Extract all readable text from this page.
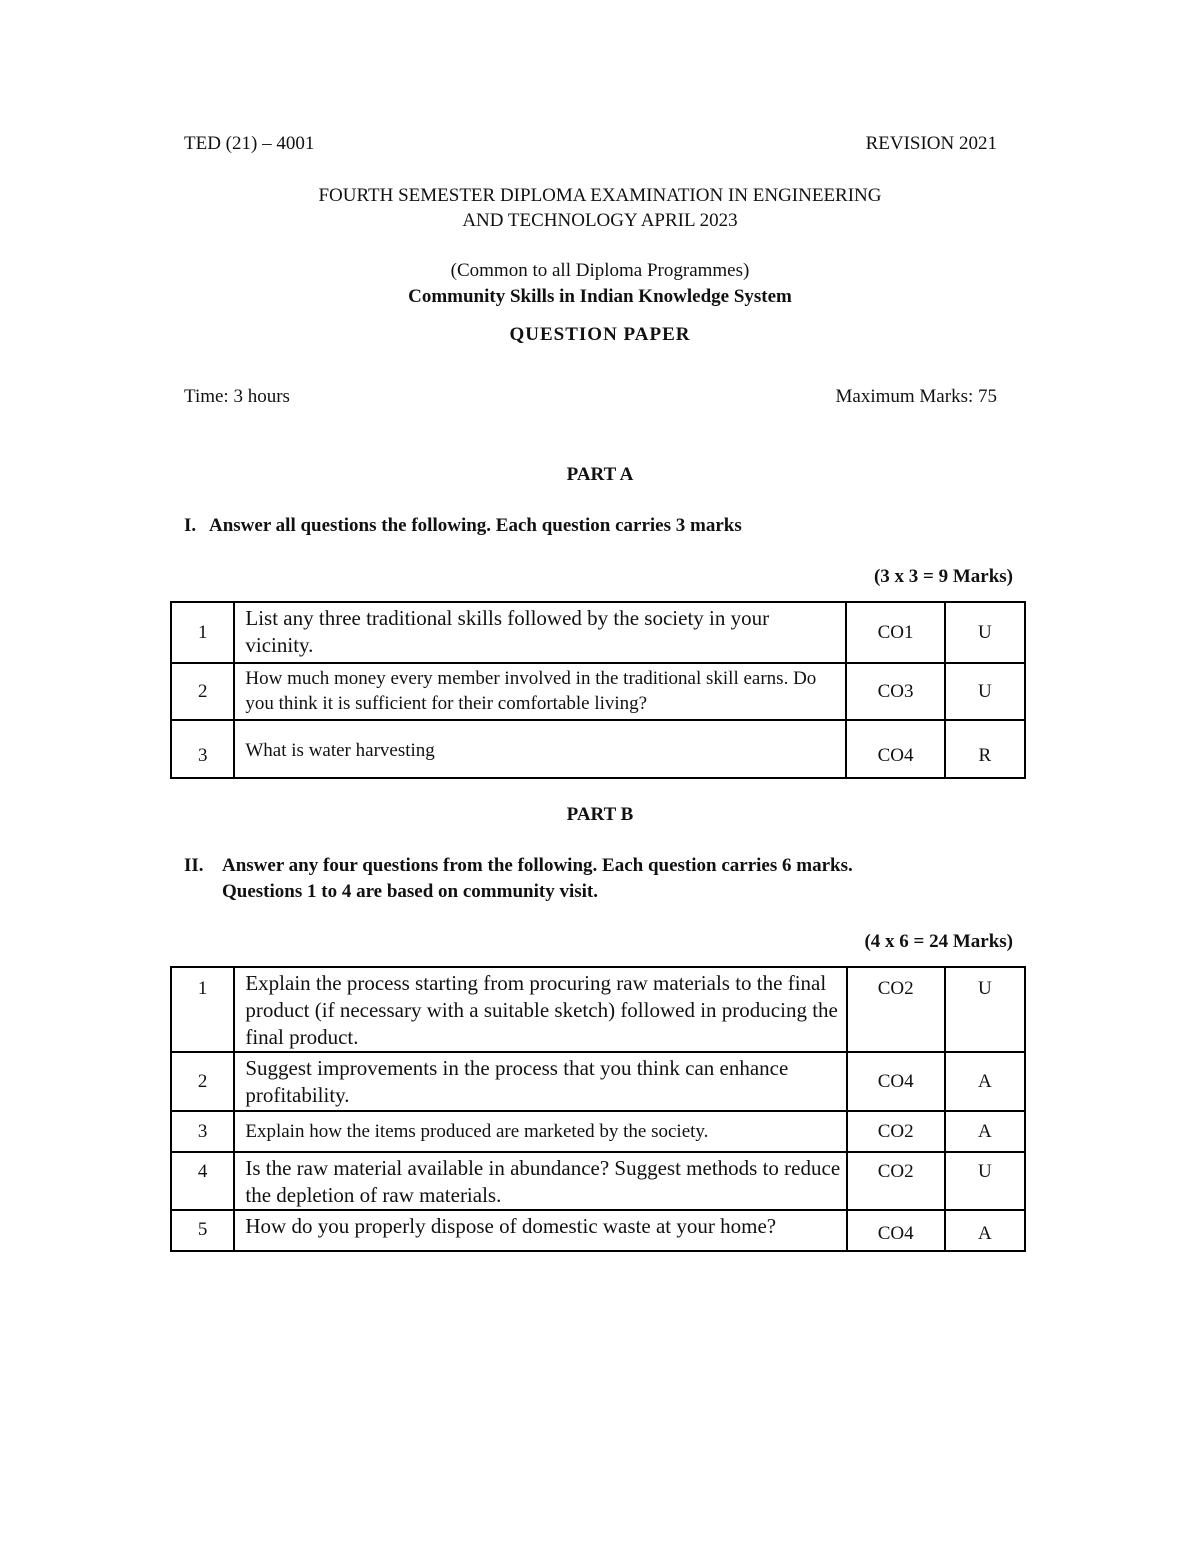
TED (21) – 4001	REVISION 2021
FOURTH SEMESTER DIPLOMA EXAMINATION IN ENGINEERING
AND TECHNOLOGY APRIL 2023
(Common to all Diploma Programmes)
Community Skills in Indian Knowledge System
QUESTION PAPER
Time: 3 hours	Maximum Marks: 75
PART A
I. Answer all questions the following. Each question carries 3 marks
(3 x 3 = 9 Marks)
1	List any three traditional skills followed by the society in your vicinity.	CO1	U
2	How much money every member involved in the traditional skill earns. Do you think it is sufficient for their comfortable living?	CO3	U
3	What is water harvesting	CO4	R
PART B
II. Answer any four questions from the following. Each question carries 6 marks.
Questions 1 to 4 are based on community visit.
(4 x 6 = 24 Marks)
1	Explain the process starting from procuring raw materials to the final product (if necessary with a suitable sketch) followed in producing the final product.	CO2	U
2	Suggest improvements in the process that you think can enhance profitability.	CO4	A
3	Explain how the items produced are marketed by the society.	CO2	A
4	Is the raw material available in abundance? Suggest methods to reduce the depletion of raw materials.	CO2	U
5	How do you properly dispose of domestic waste at your home?	CO4	A
